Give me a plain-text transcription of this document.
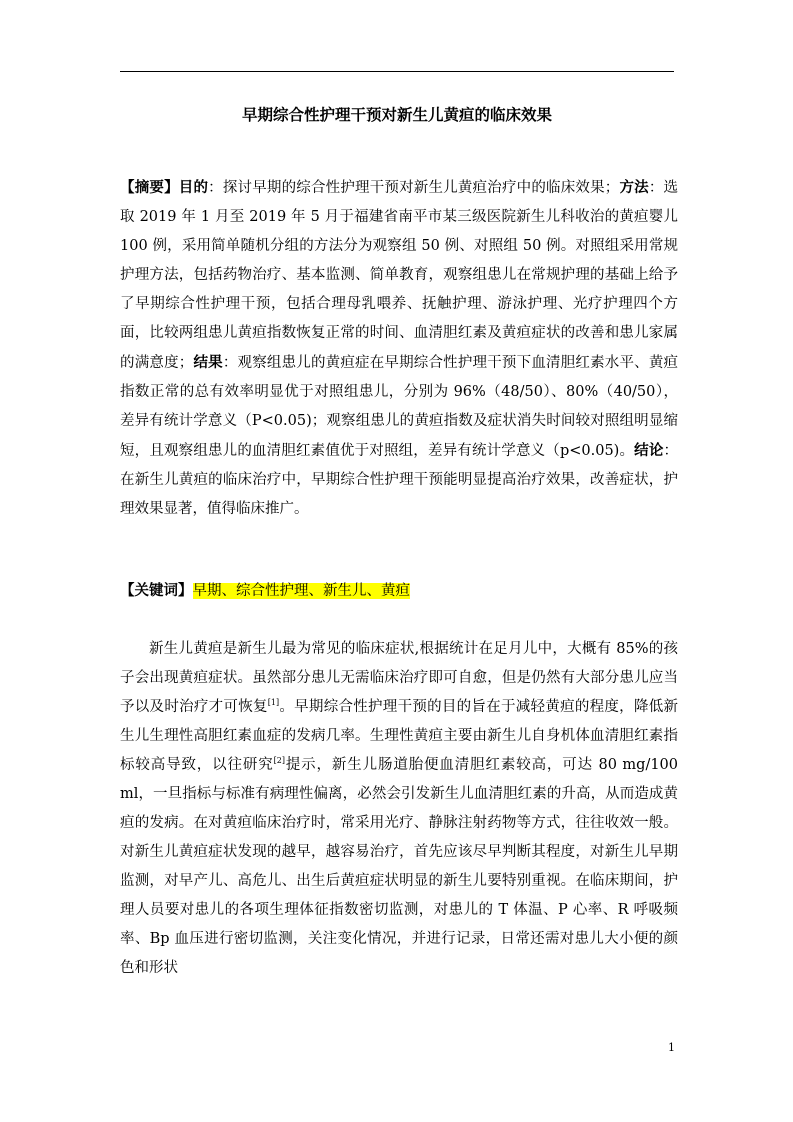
早期综合性护理干预对新生儿黄疸的临床效果

【摘要】目的：探讨早期的综合性护理干预对新生儿黄疸治疗中的临床效果；方法：选取 2019 年 1 月至 2019 年 5 月于福建省南平市某三级医院新生儿科收治的黄疸婴儿 100 例，采用简单随机分组的方法分为观察组 50 例、对照组 50 例。对照组采用常规护理方法，包括药物治疗、基本监测、简单教育，观察组患儿在常规护理的基础上给予了早期综合性护理干预，包括合理母乳喂养、抚触护理、游泳护理、光疗护理四个方面，比较两组患儿黄疸指数恢复正常的时间、血清胆红素及黄疸症状的改善和患儿家属的满意度；结果：观察组患儿的黄疸症在早期综合性护理干预下血清胆红素水平、黄疸指数正常的总有效率明显优于对照组患儿，分别为 96%（48/50）、80%（40/50），差异有统计学意义（P<0.05)；观察组患儿的黄疸指数及症状消失时间较对照组明显缩短，且观察组患儿的血清胆红素值优于对照组，差异有统计学意义（p<0.05)。结论：在新生儿黄疸的临床治疗中，早期综合性护理干预能明显提高治疗效果，改善症状，护理效果显著，值得临床推广。

【关键词】早期、综合性护理、新生儿、黄疸

新生儿黄疸是新生儿最为常见的临床症状,根据统计在足月儿中，大概有 85%的孩子会出现黄疸症状。虽然部分患儿无需临床治疗即可自愈，但是仍然有大部分患儿应当予以及时治疗才可恢复[1]。早期综合性护理干预的目的旨在于减轻黄疸的程度，降低新生儿生理性高胆红素血症的发病几率。生理性黄疸主要由新生儿自身机体血清胆红素指标较高导致，以往研究[2]提示，新生儿肠道胎便血清胆红素较高，可达 80 mg/100 ml，一旦指标与标准有病理性偏离，必然会引发新生儿血清胆红素的升高，从而造成黄疸的发病。在对黄疸临床治疗时，常采用光疗、静脉注射药物等方式，往往收效一般。对新生儿黄疸症状发现的越早，越容易治疗，首先应该尽早判断其程度，对新生儿早期监测，对早产儿、高危儿、出生后黄疸症状明显的新生儿要特别重视。在临床期间，护理人员要对患儿的各项生理体征指数密切监测，对患儿的 T 体温、P 心率、R 呼吸频率、Bp 血压进行密切监测，关注变化情况，并进行记录，日常还需对患儿大小便的颜色和形状

1
